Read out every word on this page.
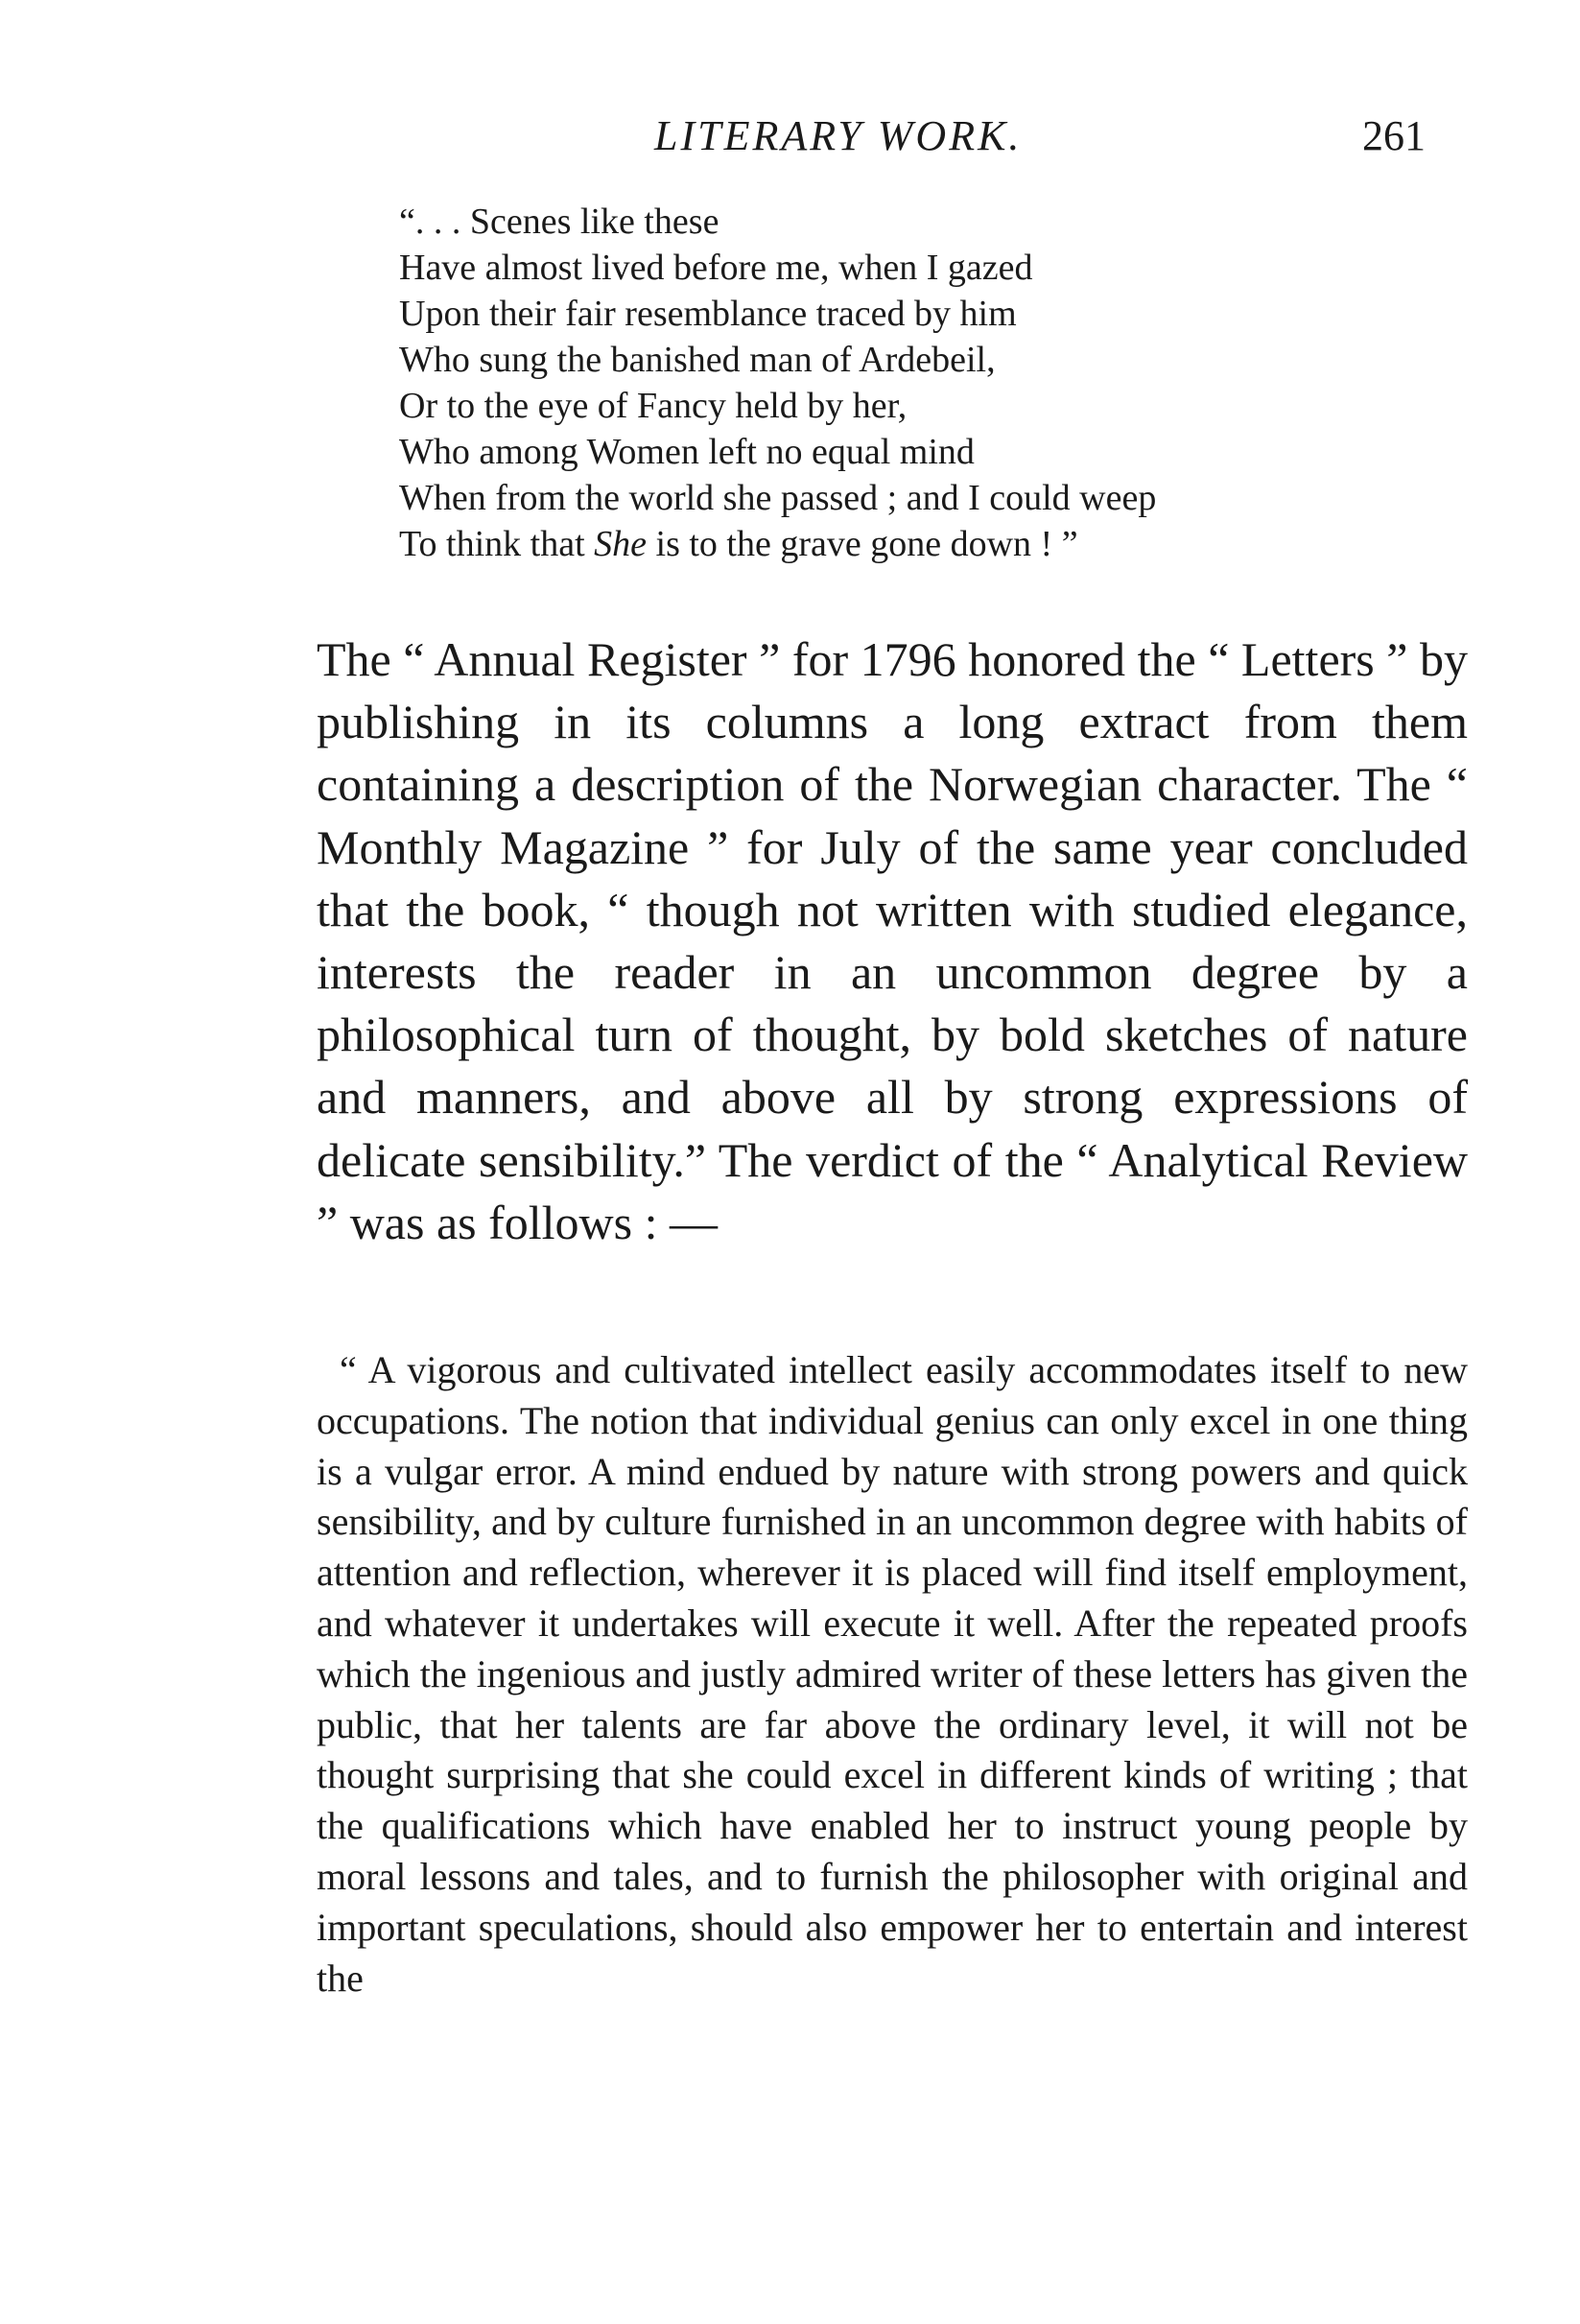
LITERARY WORK.	261
“. . . Scenes like these
Have almost lived before me, when I gazed
Upon their fair resemblance traced by him
Who sung the banished man of Ardebeil,
Or to the eye of Fancy held by her,
Who among Women left no equal mind
When from the world she passed ; and I could weep
To think that She is to the grave gone down ! ”
The “ Annual Register ” for 1796 honored the “ Letters ” by publishing in its columns a long extract from them containing a description of the Norwegian character. The “ Monthly Magazine ” for July of the same year concluded that the book, “ though not written with studied elegance, interests the reader in an uncommon degree by a philosophical turn of thought, by bold sketches of nature and manners, and above all by strong expressions of delicate sensibility.” The verdict of the “ Analytical Review ” was as follows : —
“ A vigorous and cultivated intellect easily accommodates itself to new occupations. The notion that individual genius can only excel in one thing is a vulgar error. A mind endued by nature with strong powers and quick sensibility, and by culture furnished in an uncommon degree with habits of attention and reflection, wherever it is placed will find itself employment, and whatever it undertakes will execute it well. After the repeated proofs which the ingenious and justly admired writer of these letters has given the public, that her talents are far above the ordinary level, it will not be thought surprising that she could excel in different kinds of writing ; that the qualifications which have enabled her to instruct young people by moral lessons and tales, and to furnish the philosopher with original and important speculations, should also empower her to entertain and interest the
